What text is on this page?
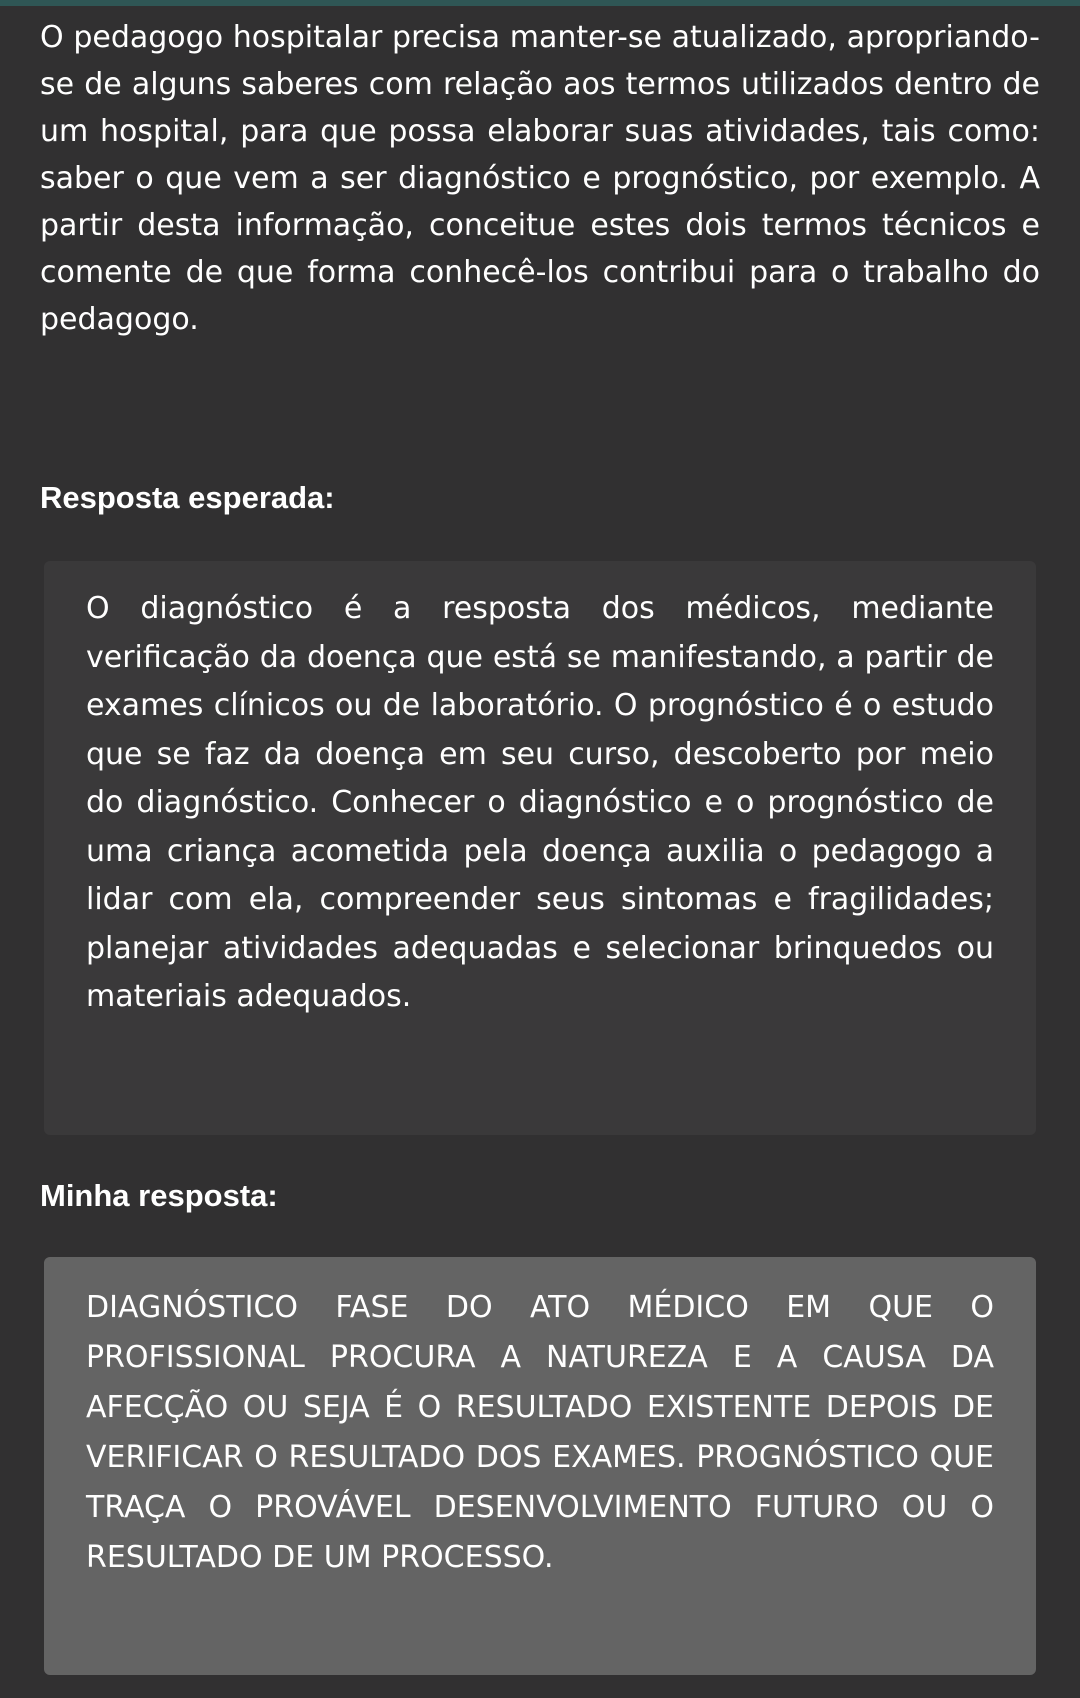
O pedagogo hospitalar precisa manter-se atualizado, apropriando-se de alguns saberes com relação aos termos utilizados dentro de um hospital, para que possa elaborar suas atividades, tais como: saber o que vem a ser diagnóstico e prognóstico, por exemplo. A partir desta informação, conceitue estes dois termos técnicos e comente de que forma conhecê-los contribui para o trabalho do pedagogo.

Resposta esperada:

O diagnóstico é a resposta dos médicos, mediante verificação da doença que está se manifestando, a partir de exames clínicos ou de laboratório. O prognóstico é o estudo que se faz da doença em seu curso, descoberto por meio do diagnóstico. Conhecer o diagnóstico e o prognóstico de uma criança acometida pela doença auxilia o pedagogo a lidar com ela, compreender seus sintomas e fragilidades; planejar atividades adequadas e selecionar brinquedos ou materiais adequados.

Minha resposta:

DIAGNÓSTICO FASE DO ATO MÉDICO EM QUE O PROFISSIONAL PROCURA A NATUREZA E A CAUSA DA AFECÇÃO OU SEJA É O RESULTADO EXISTENTE DEPOIS DE VERIFICAR O RESULTADO DOS EXAMES. PROGNÓSTICO QUE TRAÇA O PROVÁVEL DESENVOLVIMENTO FUTURO OU O RESULTADO DE UM PROCESSO.
